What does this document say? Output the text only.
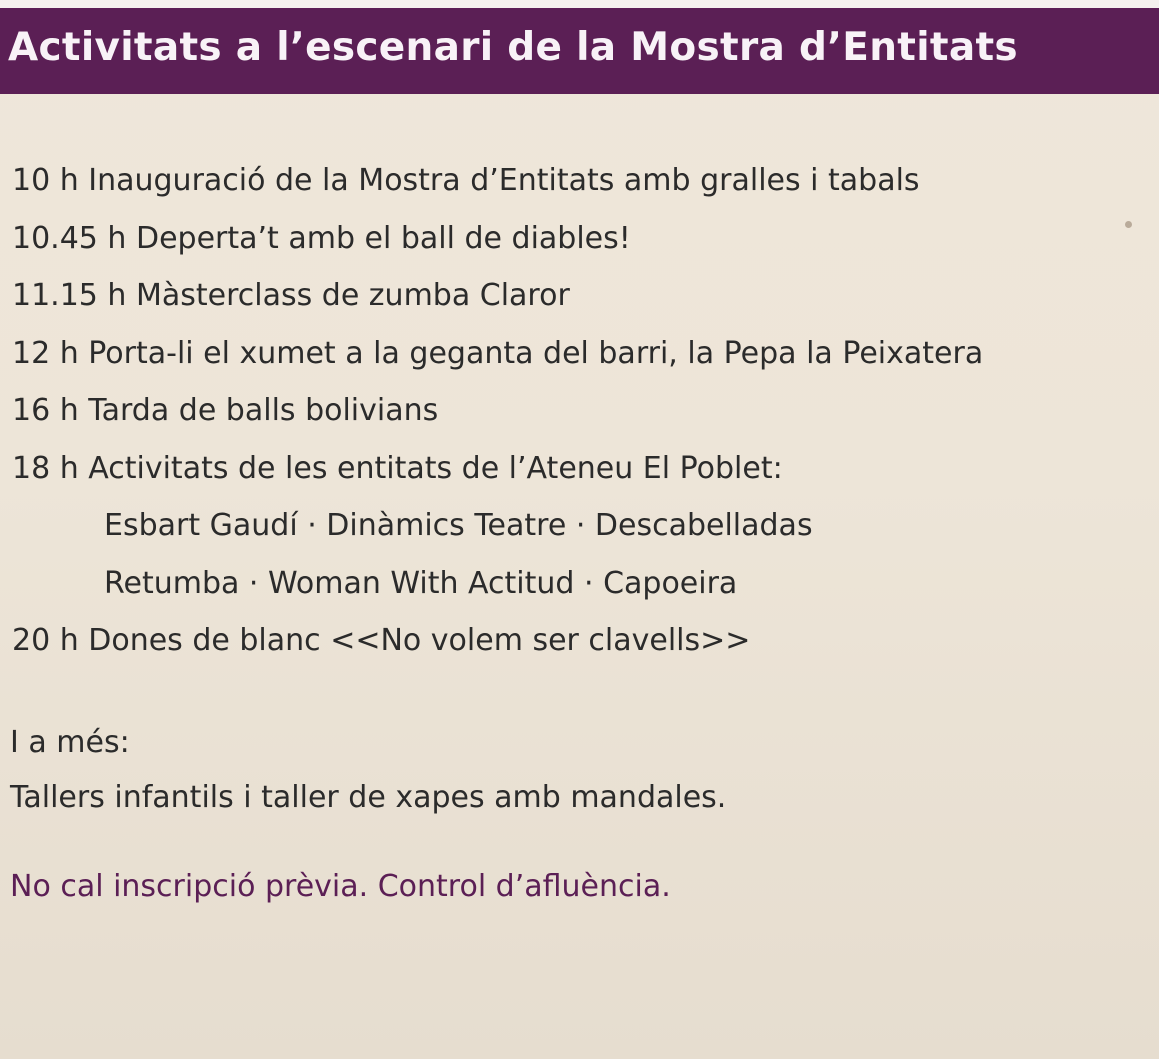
Activitats a l’escenari de la Mostra d’Entitats
10 h Inauguració de la Mostra d’Entitats amb gralles i tabals
10.45 h Deperta’t amb el ball de diables!
11.15 h Màsterclass de zumba Claror
12 h Porta-li el xumet a la geganta del barri, la Pepa la Peixatera
16 h Tarda de balls bolivians
18 h Activitats de les entitats de l’Ateneu El Poblet:
Esbart Gaudí · Dinàmics Teatre · Descabelladas
Retumba · Woman With Actitud · Capoeira
20 h Dones de blanc <<No volem ser clavells>>
I a més:
Tallers infantils i taller de xapes amb mandales.

No cal inscripció prèvia. Control d’afluència.
